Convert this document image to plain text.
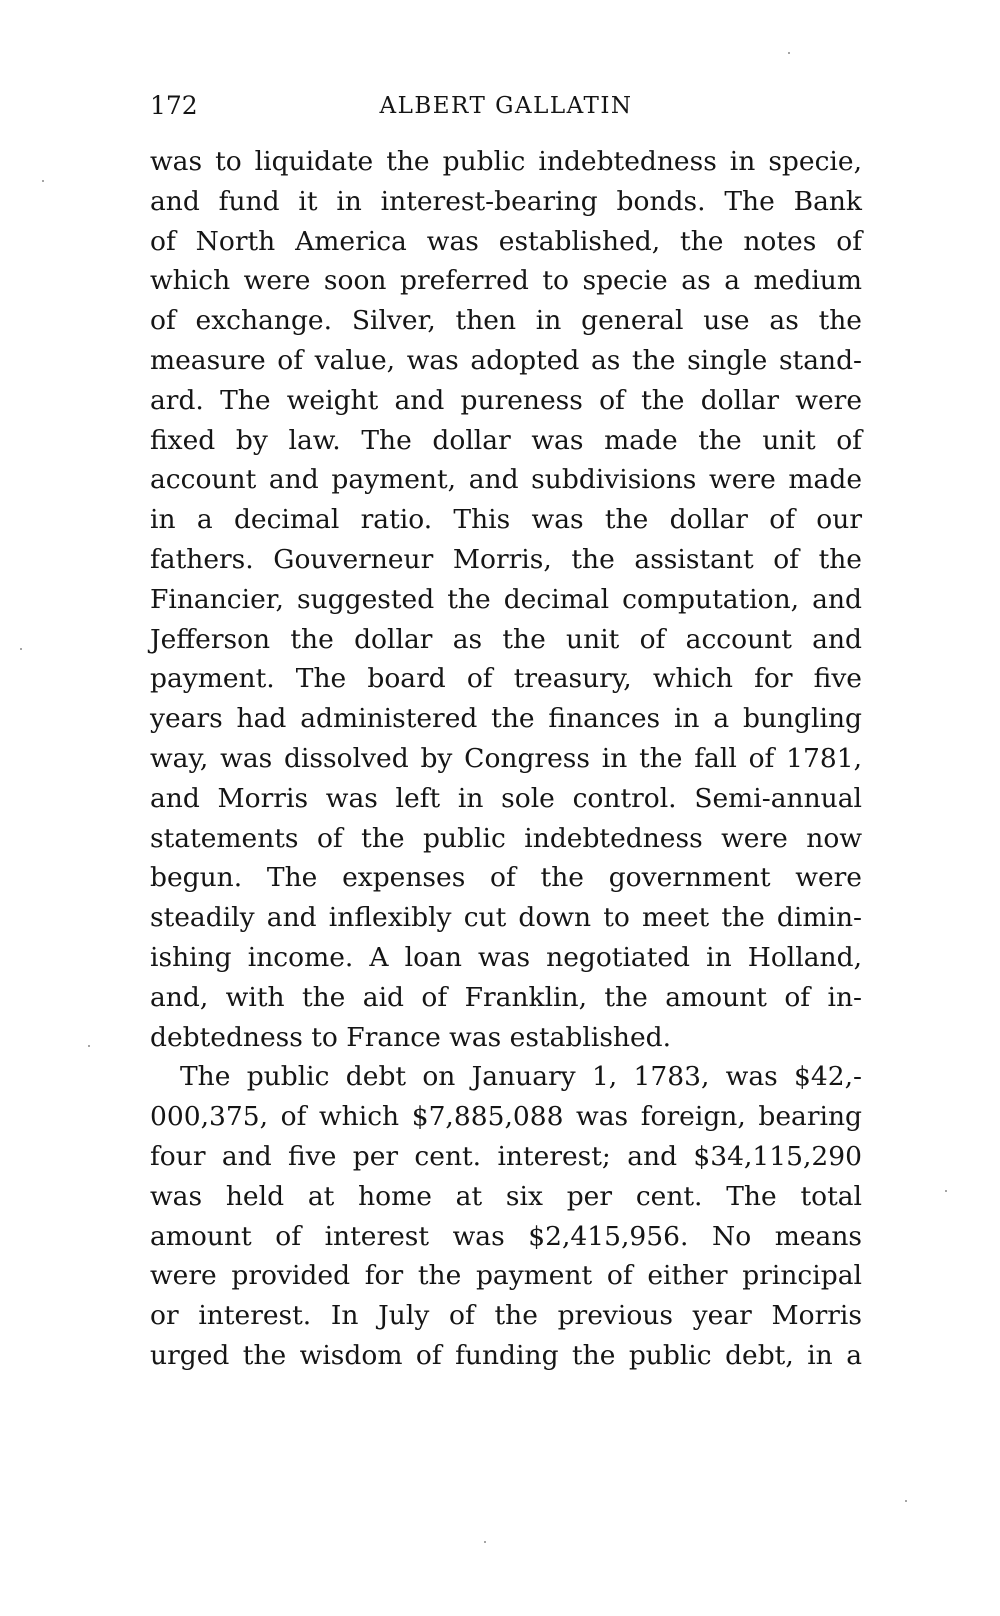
172	ALBERT GALLATIN
was to liquidate the public indebtedness in specie,
and fund it in interest-bearing bonds. The Bank
of North America was established, the notes of
which were soon preferred to specie as a medium
of exchange. Silver, then in general use as the
measure of value, was adopted as the single stand-
ard. The weight and pureness of the dollar were
fixed by law. The dollar was made the unit of
account and payment, and subdivisions were made
in a decimal ratio. This was the dollar of our
fathers. Gouverneur Morris, the assistant of the
Financier, suggested the decimal computation, and
Jefferson the dollar as the unit of account and
payment. The board of treasury, which for five
years had administered the finances in a bungling
way, was dissolved by Congress in the fall of 1781,
and Morris was left in sole control. Semi-annual
statements of the public indebtedness were now
begun. The expenses of the government were
steadily and inflexibly cut down to meet the dimin-
ishing income. A loan was negotiated in Holland,
and, with the aid of Franklin, the amount of in-
debtedness to France was established.
The public debt on January 1, 1783, was $42,-
000,375, of which $7,885,088 was foreign, bearing
four and five per cent. interest; and $34,115,290
was held at home at six per cent. The total
amount of interest was $2,415,956. No means
were provided for the payment of either principal
or interest. In July of the previous year Morris
urged the wisdom of funding the public debt, in a
